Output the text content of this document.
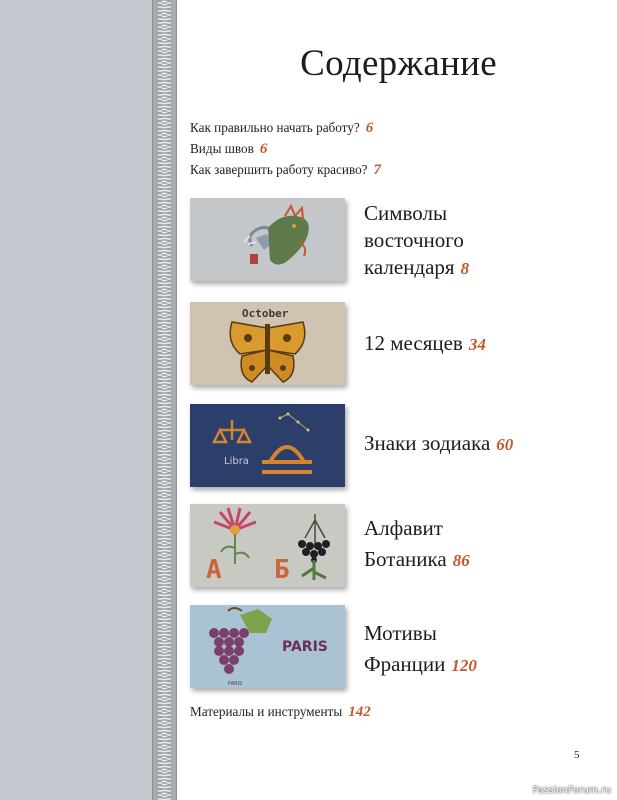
Содержание
Как правильно начать работу? 6
Виды швов 6
Как завершить работу красиво? 7
Символы
восточного
календаря 8
October
12 месяцев 34
Libra
Знаки зодиака 60
А Б
Алфавит
Ботаника 86
PARIS
PARIS
Мотивы
Франции 120
Материалы и инструменты 142
5
PassionForum.ru
